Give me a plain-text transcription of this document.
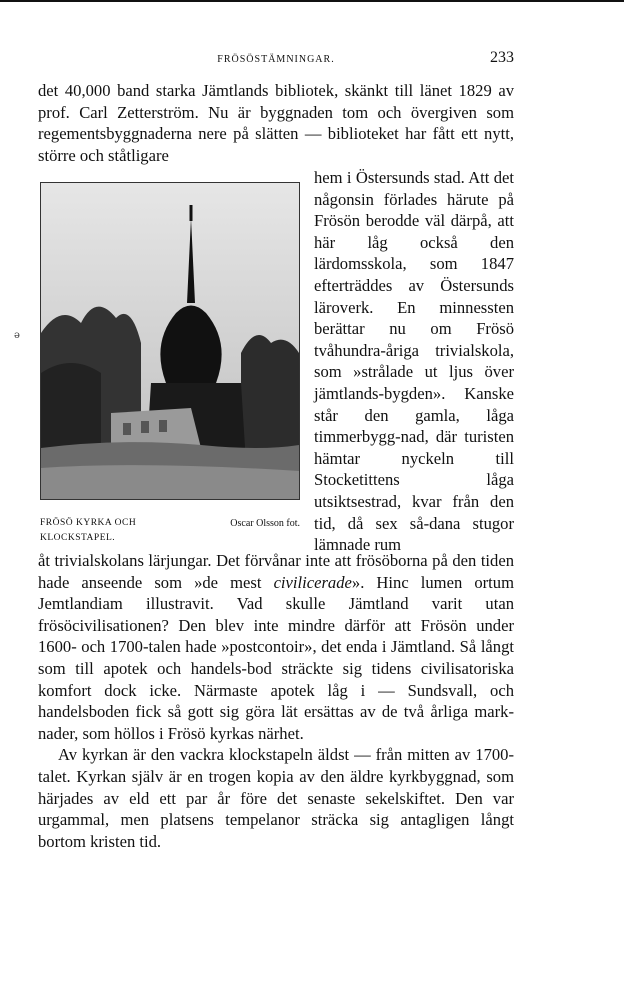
FRÖSÖSTÄMNINGAR.	233

det 40,000 band starka Jämtlands bibliotek, skänkt till länet 1829 av prof. Carl Zetterström. Nu är byggnaden tom och övergiven som regementsbyggnaderna nere på slätten — biblioteket har fått ett nytt, större och ståtligare

hem i Östersunds stad. Att det någonsin förlades härute på Frösön berodde väl därpå, att här låg också den lärdomsskola, som 1847 efterträddes av Östersunds läroverk. En minnessten berättar nu om Frösö tvåhundra-åriga trivialskola, som »strålade ut ljus över jämtlands-bygden». Kanske står den gamla, låga timmerbygg-nad, där turisten hämtar nyckeln till Stocketittens låga utsiktsestrad, kvar från den tid, då sex så-dana stugor lämnade rum
FRÖSÖ KYRKA OCH KLOCKSTAPEL.
Oscar Olsson fot.

åt trivialskolans lärjungar. Det förvånar inte att frösöborna på den tiden hade anseende som »de mest civilicerade». Hinc lumen ortum Jemtlandiam illustravit. Vad skulle Jämtland varit utan frösöcivilisationen? Den blev inte mindre därför att Frösön under 1600- och 1700-talen hade »postcontoir», det enda i Jämtland. Så långt som till apotek och handels-bod sträckte sig tidens civilisatoriska komfort dock icke. Närmaste apotek låg i — Sundsvall, och handelsboden fick så gott sig göra lät ersättas av de två årliga mark-nader, som höllos i Frösö kyrkas närhet.

Av kyrkan är den vackra klockstapeln äldst — från mitten av 1700-talet. Kyrkan själv är en trogen kopia av den äldre kyrkbyggnad, som härjades av eld ett par år före det senaste sekelskiftet. Den var urgammal, men platsens tempelanor sträcka sig antagligen långt bortom kristen tid.

ə
